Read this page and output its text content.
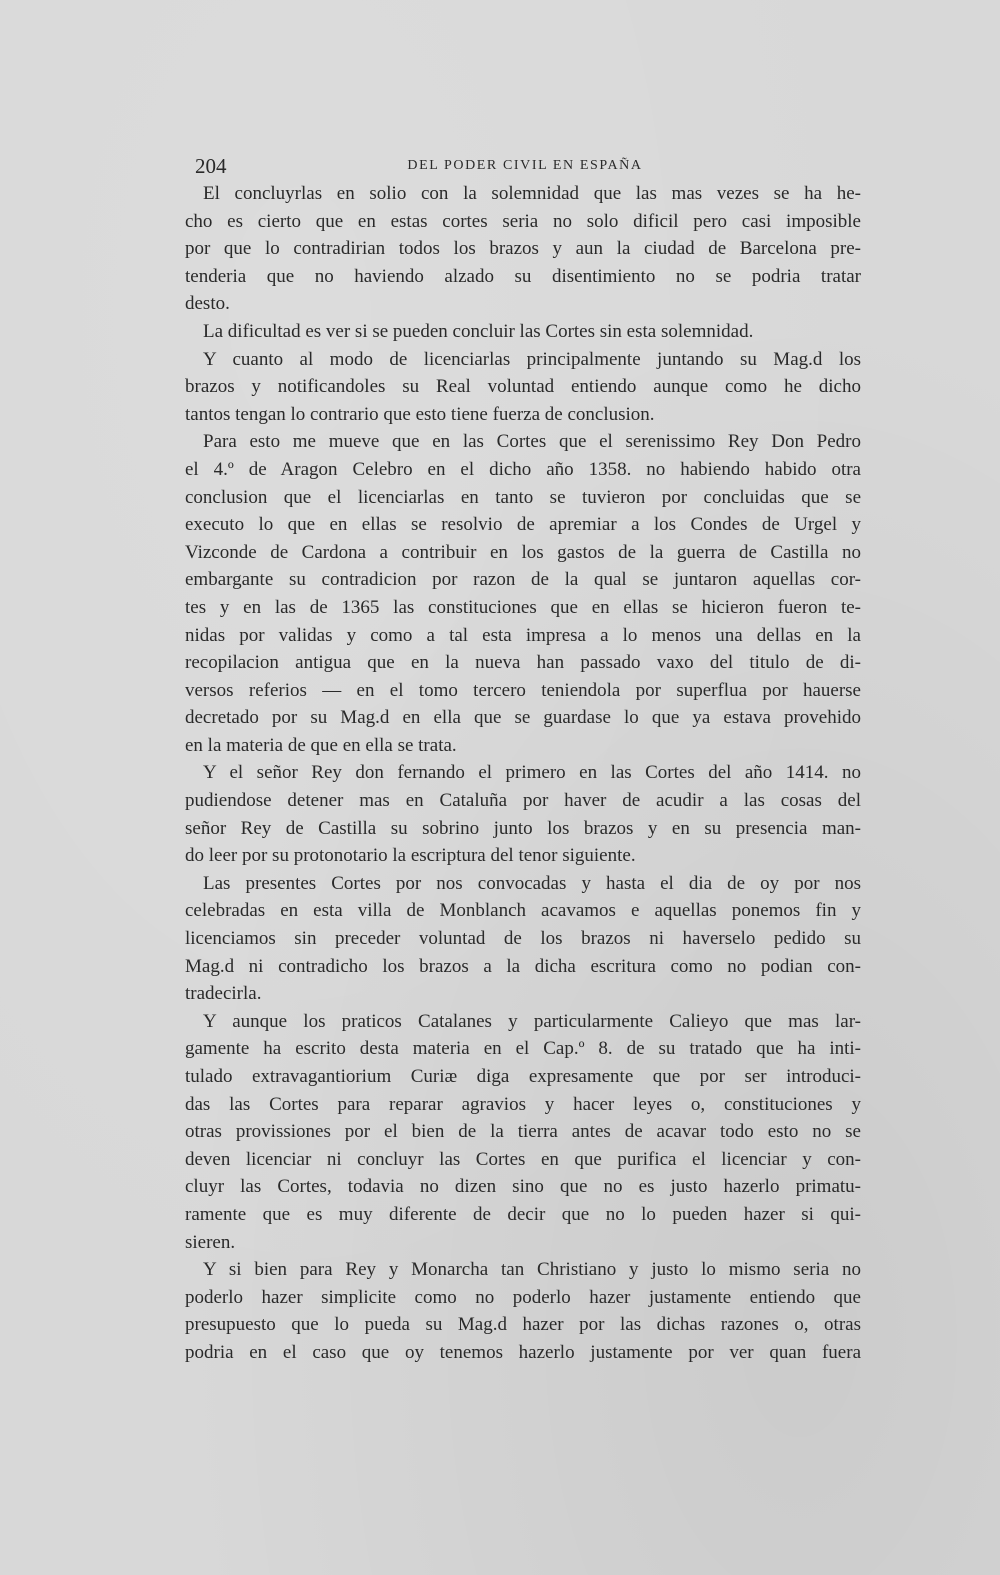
204	DEL PODER CIVIL EN ESPAÑA
El concluyrlas en solio con la solemnidad que las mas vezes se ha he-
cho es cierto que en estas cortes seria no solo dificil pero casi imposible
por que lo contradirian todos los brazos y aun la ciudad de Barcelona pre-
tenderia que no haviendo alzado su disentimiento no se podria tratar
desto.
La dificultad es ver si se pueden concluir las Cortes sin esta solemnidad.
Y cuanto al modo de licenciarlas principalmente juntando su Mag.d los
brazos y notificandoles su Real voluntad entiendo aunque como he dicho
tantos tengan lo contrario que esto tiene fuerza de conclusion.
Para esto me mueve que en las Cortes que el serenissimo Rey Don Pedro
el 4.º de Aragon Celebro en el dicho año 1358. no habiendo habido otra
conclusion que el licenciarlas en tanto se tuvieron por concluidas que se
executo lo que en ellas se resolvio de apremiar a los Condes de Urgel y
Vizconde de Cardona a contribuir en los gastos de la guerra de Castilla no
embargante su contradicion por razon de la qual se juntaron aquellas cor-
tes y en las de 1365 las constituciones que en ellas se hicieron fueron te-
nidas por validas y como a tal esta impresa a lo menos una dellas en la
recopilacion antigua que en la nueva han passado vaxo del titulo de di-
versos referios — en el tomo tercero teniendola por superflua por hauerse
decretado por su Mag.d en ella que se guardase lo que ya estava provehido
en la materia de que en ella se trata.
Y el señor Rey don fernando el primero en las Cortes del año 1414. no
pudiendose detener mas en Cataluña por haver de acudir a las cosas del
señor Rey de Castilla su sobrino junto los brazos y en su presencia man-
do leer por su protonotario la escriptura del tenor siguiente.
Las presentes Cortes por nos convocadas y hasta el dia de oy por nos
celebradas en esta villa de Monblanch acavamos e aquellas ponemos fin y
licenciamos sin preceder voluntad de los brazos ni haverselo pedido su
Mag.d ni contradicho los brazos a la dicha escritura como no podian con-
tradecirla.
Y aunque los praticos Catalanes y particularmente Calieyo que mas lar-
gamente ha escrito desta materia en el Cap.º 8. de su tratado que ha inti-
tulado extravagantiorium Curiæ diga expresamente que por ser introduci-
das las Cortes para reparar agravios y hacer leyes o, constituciones y
otras provissiones por el bien de la tierra antes de acavar todo esto no se
deven licenciar ni concluyr las Cortes en que purifica el licenciar y con-
cluyr las Cortes, todavia no dizen sino que no es justo hazerlo primatu-
ramente que es muy diferente de decir que no lo pueden hazer si qui-
sieren.
Y si bien para Rey y Monarcha tan Christiano y justo lo mismo seria no
poderlo hazer simplicite como no poderlo hazer justamente entiendo que
presupuesto que lo pueda su Mag.d hazer por las dichas razones o, otras
podria en el caso que oy tenemos hazerlo justamente por ver quan fuera
